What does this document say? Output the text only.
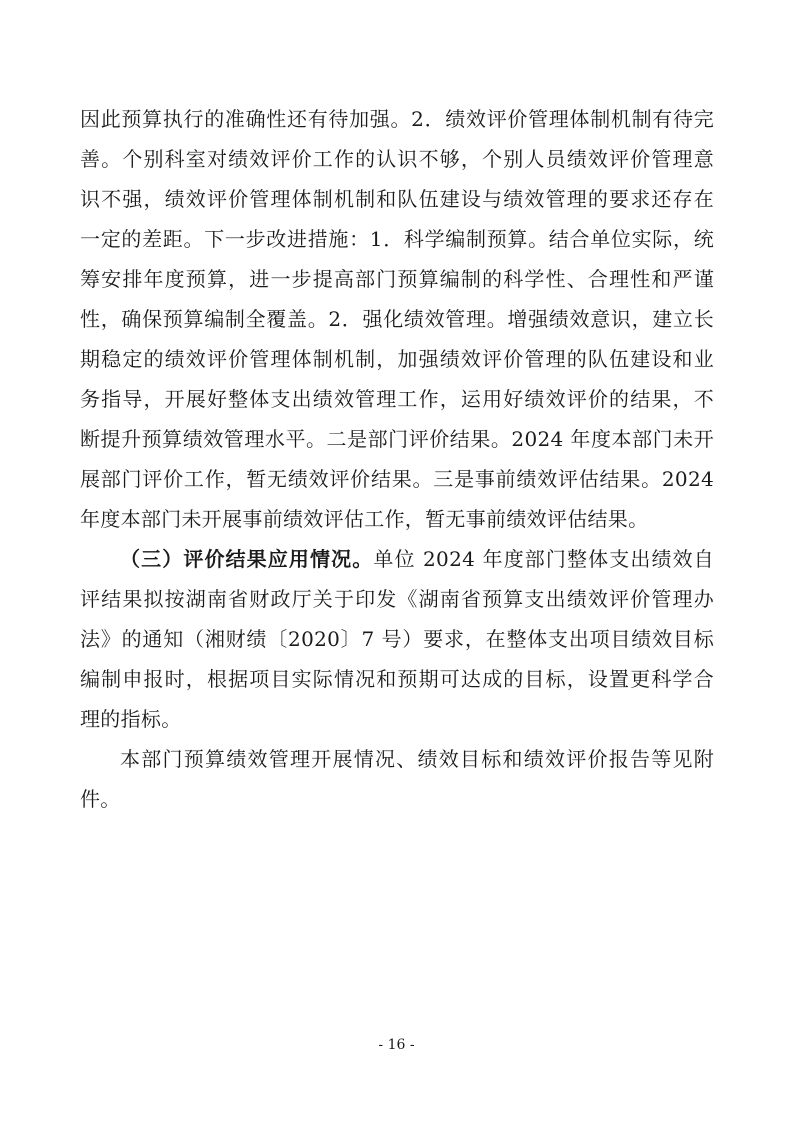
因此预算执行的准确性还有待加强。2．绩效评价管理体制机制有待完
善。个别科室对绩效评价工作的认识不够，个别人员绩效评价管理意
识不强，绩效评价管理体制机制和队伍建设与绩效管理的要求还存在
一定的差距。下一步改进措施：1．科学编制预算。结合单位实际，统
筹安排年度预算，进一步提高部门预算编制的科学性、合理性和严谨
性，确保预算编制全覆盖。2．强化绩效管理。增强绩效意识，建立长
期稳定的绩效评价管理体制机制，加强绩效评价管理的队伍建设和业
务指导，开展好整体支出绩效管理工作，运用好绩效评价的结果，不
断提升预算绩效管理水平。二是部门评价结果。2024 年度本部门未开
展部门评价工作，暂无绩效评价结果。三是事前绩效评估结果。2024
年度本部门未开展事前绩效评估工作，暂无事前绩效评估结果。
（三）评价结果应用情况。单位 2024 年度部门整体支出绩效自
评结果拟按湖南省财政厅关于印发《湖南省预算支出绩效评价管理办
法》的通知（湘财绩〔2020〕7 号）要求，在整体支出项目绩效目标
编制申报时，根据项目实际情况和预期可达成的目标，设置更科学合
理的指标。
本部门预算绩效管理开展情况、绩效目标和绩效评价报告等见附
件。
- 16 -
